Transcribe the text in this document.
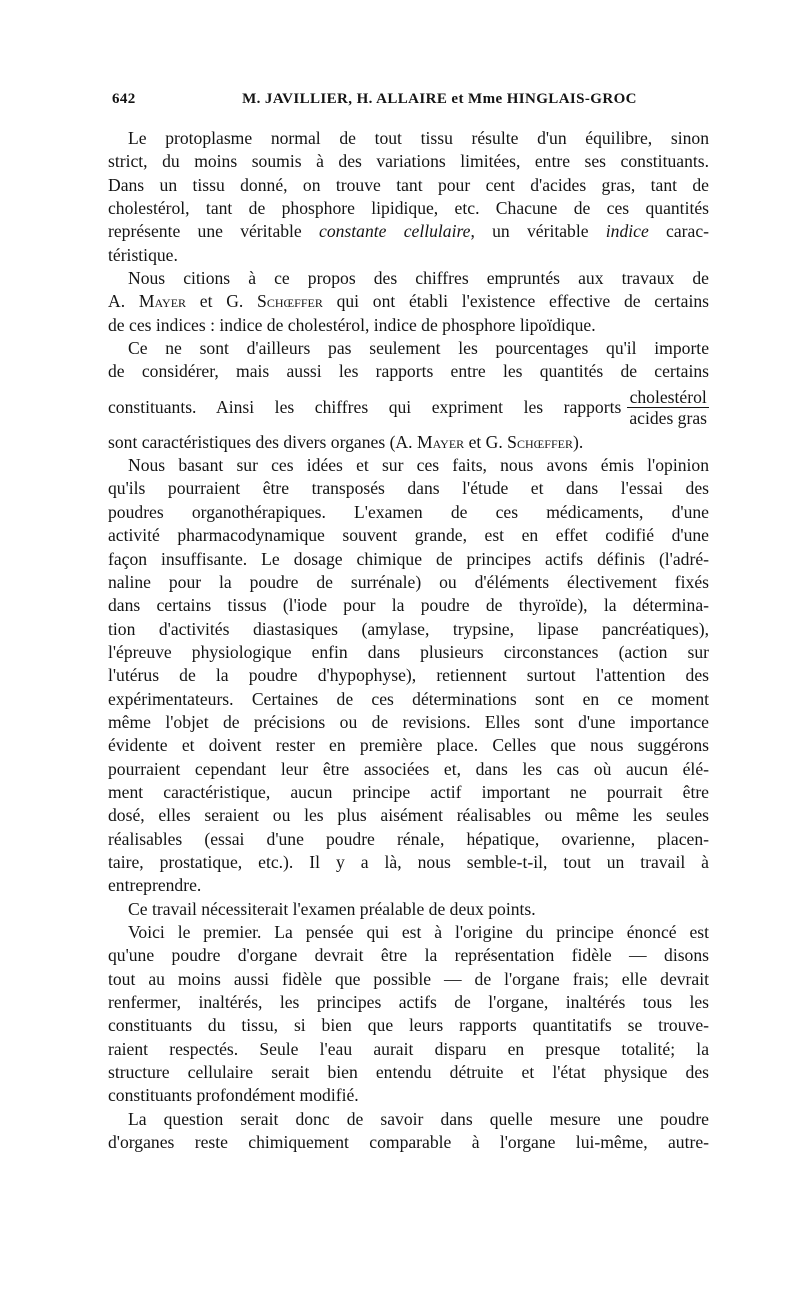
642	M. JAVILLIER, H. ALLAIRE et Mme HINGLAIS-GROC
Le protoplasme normal de tout tissu résulte d'un équilibre, sinon
strict, du moins soumis à des variations limitées, entre ses constituants.
Dans un tissu donné, on trouve tant pour cent d'acides gras, tant de
cholestérol, tant de phosphore lipidique, etc. Chacune de ces quantités
représente une véritable constante cellulaire, un véritable indice carac-
téristique.
Nous citions à ce propos des chiffres empruntés aux travaux de
A. Mayer et G. Schœffer qui ont établi l'existence effective de certains
de ces indices : indice de cholestérol, indice de phosphore lipoïdique.
Ce ne sont d'ailleurs pas seulement les pourcentages qu'il importe
de considérer, mais aussi les rapports entre les quantités de certains
constituants. Ainsi les chiffres qui expriment les rapports $\frac{\text{cholestérol}}{\text{acides gras}}$
sont caractéristiques des divers organes (A. Mayer et G. Schœffer).
Nous basant sur ces idées et sur ces faits, nous avons émis l'opinion
qu'ils pourraient être transposés dans l'étude et dans l'essai des
poudres organothérapiques. L'examen de ces médicaments, d'une
activité pharmacodynamique souvent grande, est en effet codifié d'une
façon insuffisante. Le dosage chimique de principes actifs définis (l'adré-
naline pour la poudre de surrénale) ou d'éléments électivement fixés
dans certains tissus (l'iode pour la poudre de thyroïde), la détermina-
tion d'activités diastasiques (amylase, trypsine, lipase pancréatiques),
l'épreuve physiologique enfin dans plusieurs circonstances (action sur
l'utérus de la poudre d'hypophyse), retiennent surtout l'attention des
expérimentateurs. Certaines de ces déterminations sont en ce moment
même l'objet de précisions ou de revisions. Elles sont d'une importance
évidente et doivent rester en première place. Celles que nous suggérons
pourraient cependant leur être associées et, dans les cas où aucun élé-
ment caractéristique, aucun principe actif important ne pourrait être
dosé, elles seraient ou les plus aisément réalisables ou même les seules
réalisables (essai d'une poudre rénale, hépatique, ovarienne, placen-
taire, prostatique, etc.). Il y a là, nous semble-t-il, tout un travail à
entreprendre.
Ce travail nécessiterait l'examen préalable de deux points.
Voici le premier. La pensée qui est à l'origine du principe énoncé est
qu'une poudre d'organe devrait être la représentation fidèle — disons
tout au moins aussi fidèle que possible — de l'organe frais; elle devrait
renfermer, inaltérés, les principes actifs de l'organe, inaltérés tous les
constituants du tissu, si bien que leurs rapports quantitatifs se trouve-
raient respectés. Seule l'eau aurait disparu en presque totalité; la
structure cellulaire serait bien entendu détruite et l'état physique des
constituants profondément modifié.
La question serait donc de savoir dans quelle mesure une poudre
d'organes reste chimiquement comparable à l'organe lui-même, autre-
